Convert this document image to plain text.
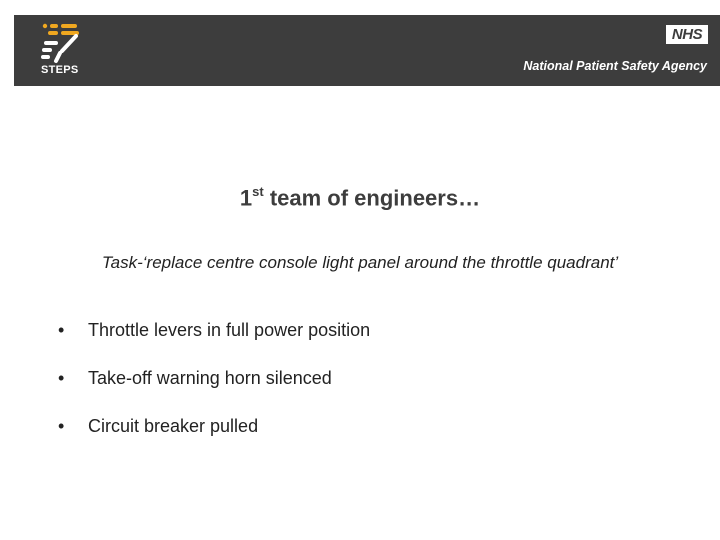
STEPS
NHS
National Patient Safety Agency
1st team of engineers…
Task-‘replace centre console light panel around the throttle quadrant’
• Throttle levers in full power position
• Take-off warning horn silenced
• Circuit breaker pulled
